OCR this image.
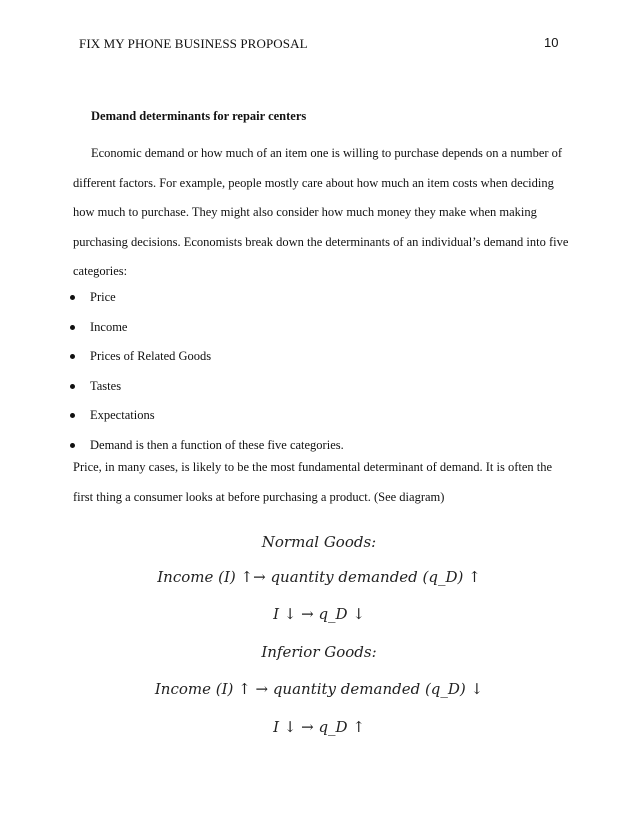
FIX MY PHONE BUSINESS PROPOSAL	10
Demand determinants for repair centers
Economic demand or how much of an item one is willing to purchase depends on a number of different factors. For example, people mostly care about how much an item costs when deciding how much to purchase. They might also consider how much money they make when making purchasing decisions. Economists break down the determinants of an individual’s demand into five categories:
Price
Income
Prices of Related Goods
Tastes
Expectations
Demand is then a function of these five categories.
Price, in many cases, is likely to be the most fundamental determinant of demand. It is often the first thing a consumer looks at before purchasing a product. (See diagram)
Normal Goods:
Income (I) ↑→ quantity demanded (q_D) ↑
I ↓ → q_D ↓
Inferior Goods:
Income (I) ↑ → quantity demanded (q_D) ↓
I ↓ → q_D ↑
